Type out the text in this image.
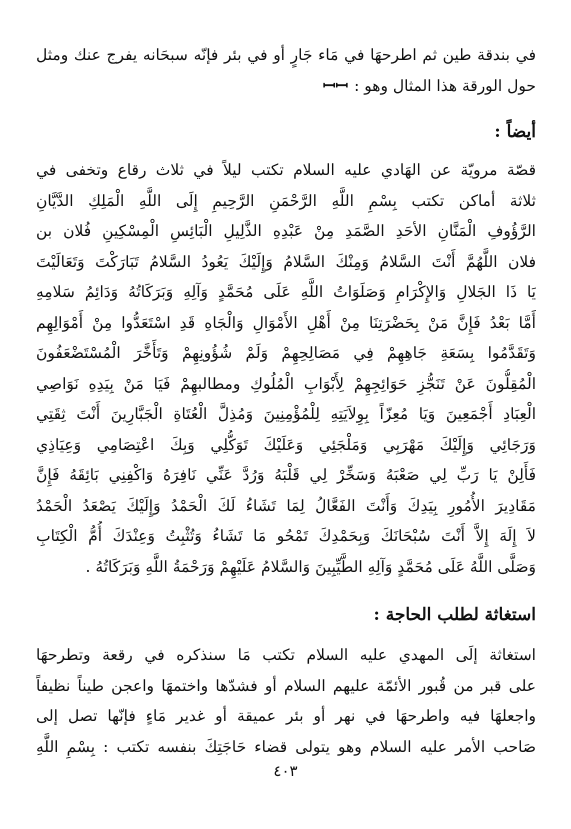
في بندقة طين ثم اطرحهَا في مَاء جَارٍ أو في بئر فإنّه سبحَانه يفرج عنك ومثل
حول الورقة هذا المثال وهو :ꟷꟷ

أيضاً :

قصّة مرويّة عن الهَادي عليه السلام تكتب ليلاً في ثلاث رقاع وتخفى في
ثلاثة أماكن تكتب بِسْمِ اللَّهِ الرَّحْمَنِ الرَّحِيمِ إِلَى اللَّهِ الْمَلِكِ الدَّيَّانِ
الرَّؤُوفِ الْمَنَّانِ الأحَدِ الصَّمَدِ مِنْ عَبْدِهِ الذَّلِيلِ الْبَائِسِ الْمِسْكِينِ فُلان بن
فلان اللَّهُمَّ أَنْتَ السَّلامُ وَمِنْكَ السَّلامُ وَإِلَيْكَ يَعُودُ السَّلامُ تَبَارَكْتَ وَتَعَالَيْتَ
يَا ذَا الجَلالِ وَالإِكْرَامِ وَصَلَوَاتُ اللَّهِ عَلَى مُحَمَّدٍ وَآلِهِ وَبَرَكَاتُهُ وَدَائِمُ سَلامِهِ
أَمَّا بَعْدُ فَإِنَّ مَنْ بِحَضْرَتِنَا مِنْ أَهْلِ الأَمْوَالِ وَالْجَاهِ قَدِ اسْتَعَدُّوا مِنْ أَمْوَالِهِم
وَتَقَدَّمُوا بِسَعَةِ جَاهِهِمْ فِي مَصَالِحِهِمْ وَلَمْ شُؤُونِهِمْ وَتَأَخَّرَ الْمُسْتَضْعَفُونَ
الْمُقِلُّونَ عَنْ تَنَجُّزِ حَوَائِجِهِمْ لِأَبْوَابِ الْمُلُوكِ ومطالبهِمْ فَيَا مَنْ بِيَدِهِ نَوَاصِي
الْعِبَادِ أَجْمَعِينَ وَيَا مُعِزّاً بِوِلاَيَتِهِ لِلْمُؤْمِنِينَ وَمُذِلَّ الْعُتَاةِ الْجَبَّارِينَ أَنْتَ ثِقَتِي
وَرَجَائِي وَإِلَيْكَ مَهْرَبِي وَمَلْجَئِي وَعَلَيْكَ تَوَكُّلِي وَبِكَ اعْتِصَامِي وَعِيَاذِي
فَأَلِنْ يَا رَبِّ لِي صَعْبَهُ وَسَخِّرْ لِي قَلْبَهُ وَرُدَّ عَنِّي نَافِرَهُ وَاكْفِنِي بَائِقَهُ فَإِنَّ
مَقَادِيرَ الأُمُورِ بِيَدِكَ وَأَنْتَ الفَعَّالُ لِمَا تَشَاءُ لَكَ الْحَمْدُ وَإِلَيْكَ يَصْعَدُ الْحَمْدُ
لاَ إِلَهَ إِلاَّ أَنْتَ سُبْحَانَكَ وَبِحَمْدِكَ تَمْحُو مَا تَشَاءُ وَتُثْبِتُ وَعِنْدَكَ أُمُّ الْكِتَابِ
وَصَلَّى اللَّهُ عَلَى مُحَمَّدٍ وَآلِهِ الطَّيِّبِينَ وَالسَّلامُ عَلَيْهِمْ وَرَحْمَةُ اللَّهِ وَبَرَكَاتُهُ .

استغاثة لطلب الحاجة :

استغاثة إلَى المهدي عليه السلام تكتب مَا سنذكره في رقعة وتطرحهَا
على قبر من قُبور الأئمّة عليهم السلام أو فشدّها واختمهَا واعجن طيناً نظيفاً
واجعلهَا فيه واطرحهَا في نهر أو بئر عميقة أو غدير مَاءٍ فإنّها تصل إلى
صَاحب الأمر عليه السلام وهو يتولى قضاء حَاجَتِكَ بنفسه تكتب : بِسْمِ اللَّهِ

٤٠٣
